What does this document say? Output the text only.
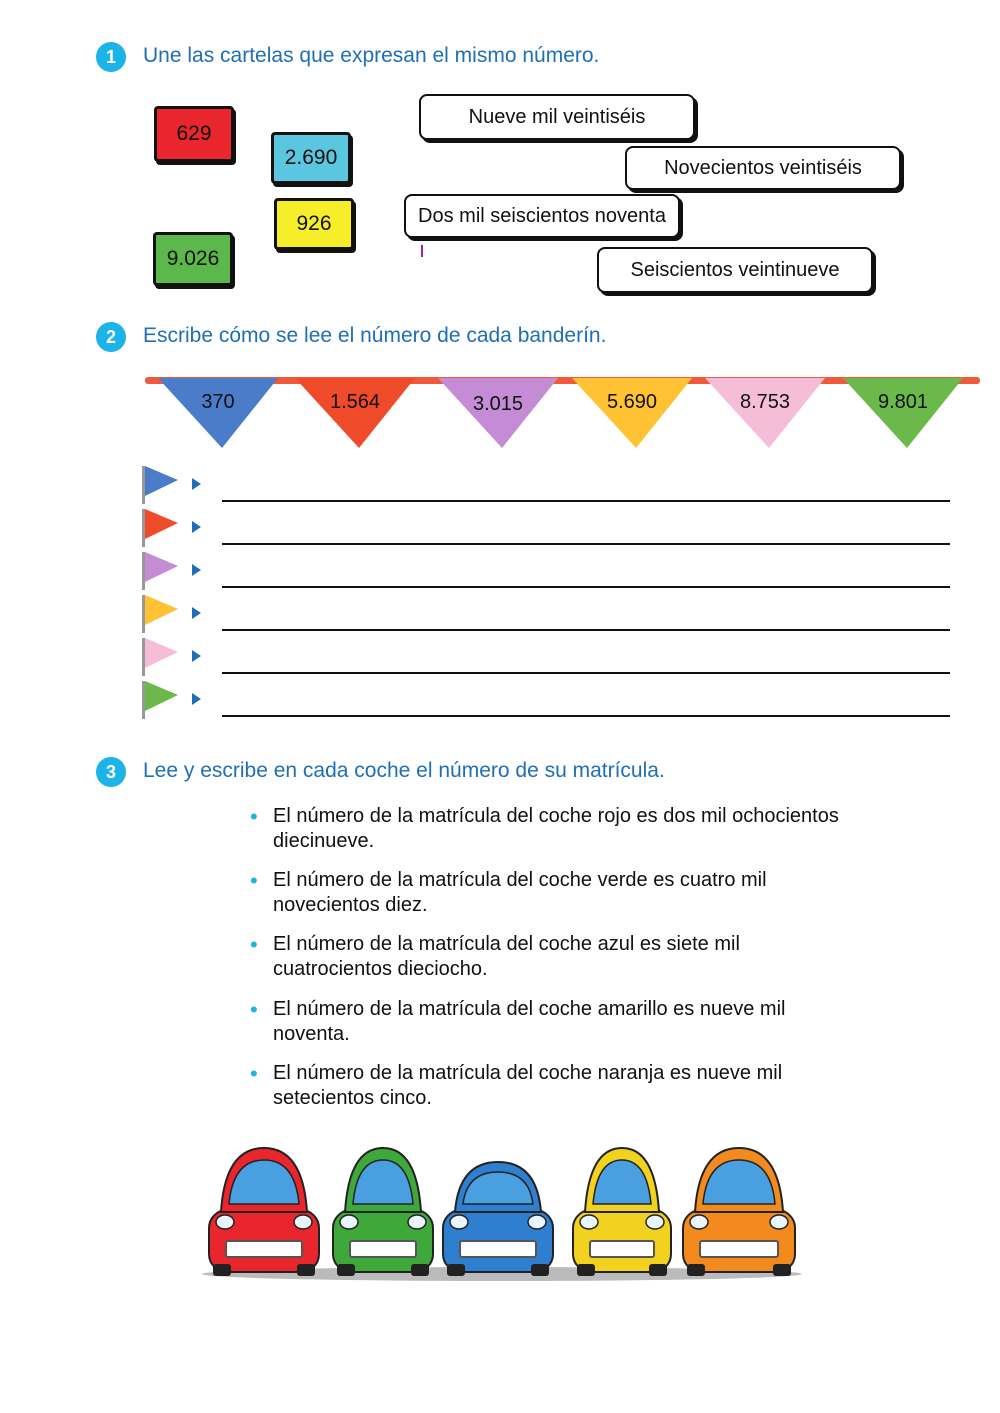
1	Une las cartelas que expresan el mismo número.
629
2.690
926
9.026
Nueve mil veintiséis
Novecientos veintiséis
Dos mil seiscientos noventa
Seiscientos veintinueve
2	Escribe cómo se lee el número de cada banderín.
370	1.564	3.015	5.690	8.753	9.801
3	Lee y escribe en cada coche el número de su matrícula.
• El número de la matrícula del coche rojo es dos mil ochocientos diecinueve.
• El número de la matrícula del coche verde es cuatro mil novecientos diez.
• El número de la matrícula del coche azul es siete mil cuatrocientos dieciocho.
• El número de la matrícula del coche amarillo es nueve mil noventa.
• El número de la matrícula del coche naranja es nueve mil setecientos cinco.
